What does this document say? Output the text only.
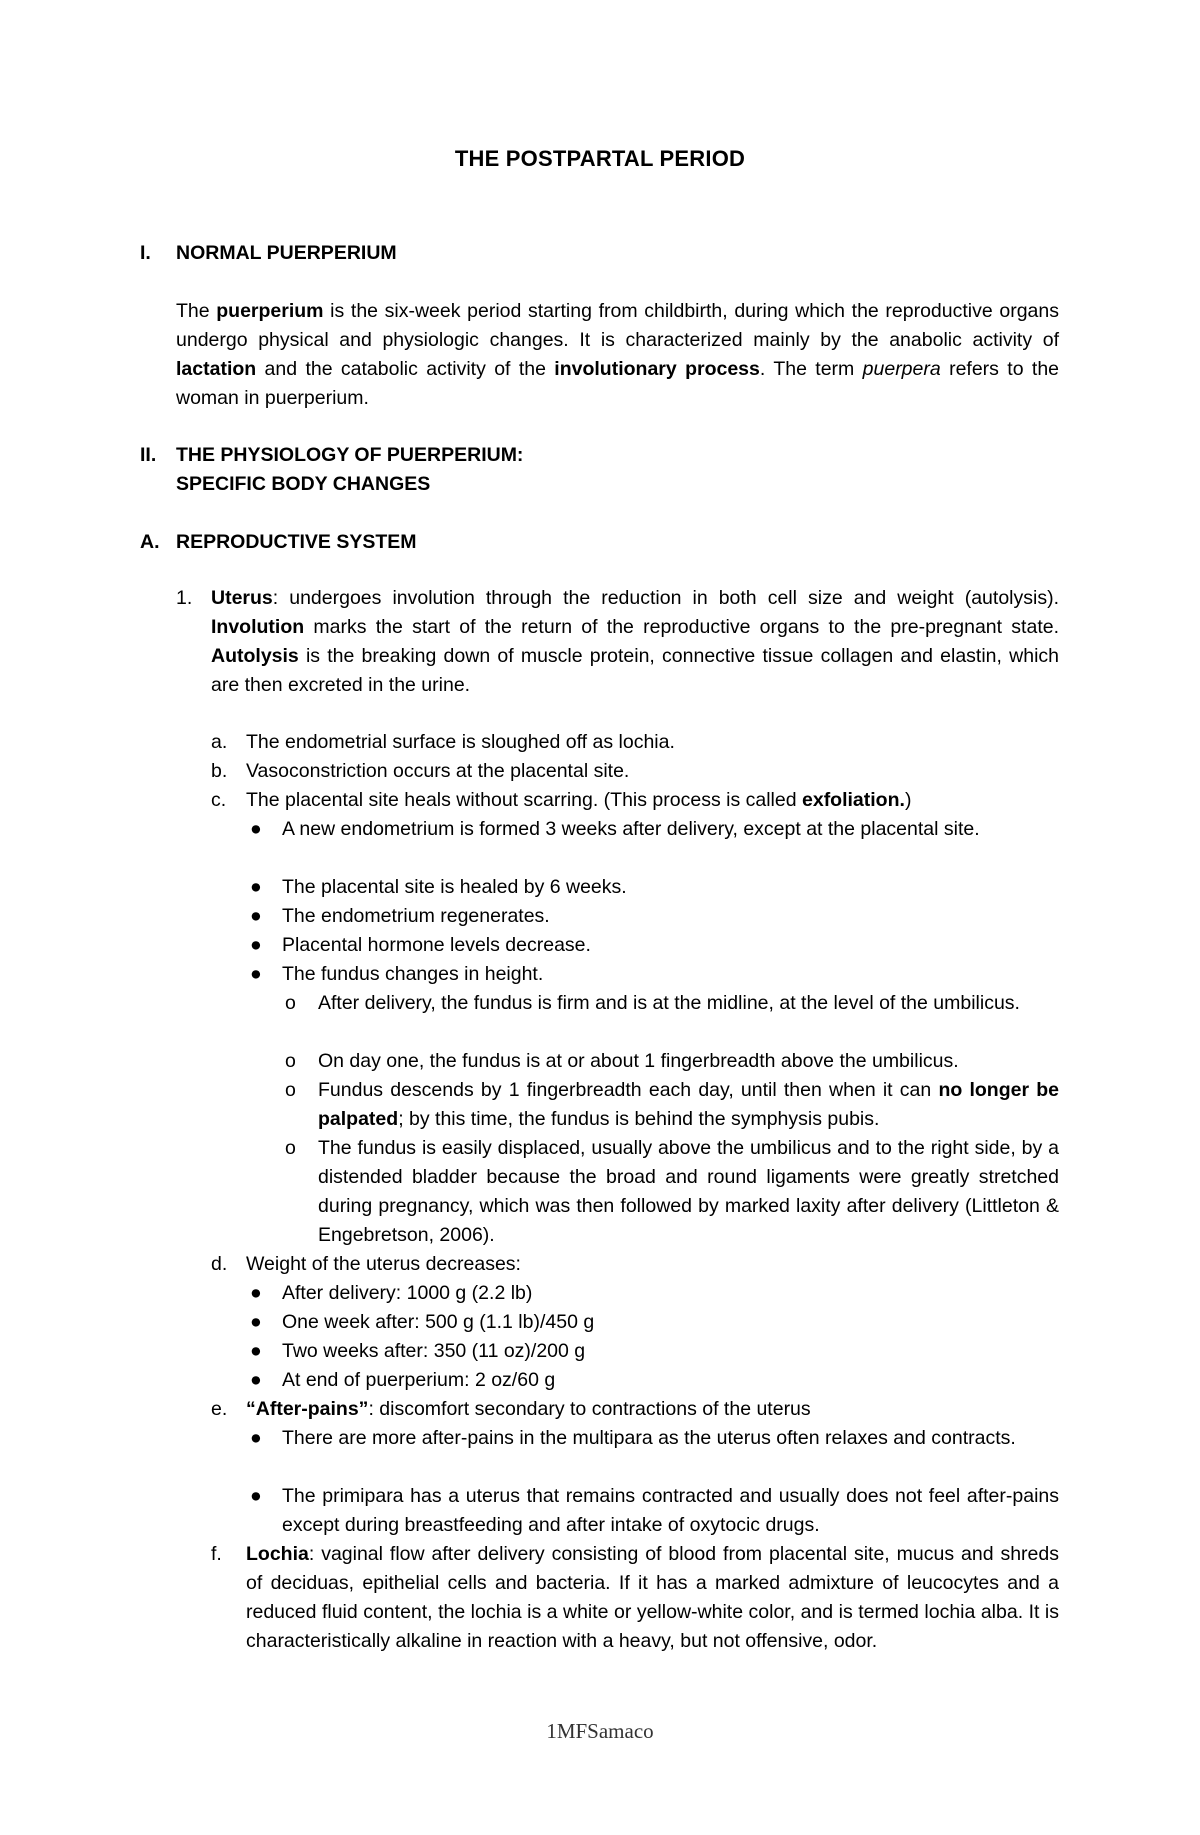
THE POSTPARTAL PERIOD
I. NORMAL PUERPERIUM

The puerperium is the six-week period starting from childbirth, during which the reproductive organs undergo physical and physiologic changes. It is characterized mainly by the anabolic activity of lactation and the catabolic activity of the involutionary process. The term puerpera refers to the woman in puerperium.

II. THE PHYSIOLOGY OF PUERPERIUM:
SPECIFIC BODY CHANGES
A. REPRODUCTIVE SYSTEM
1. Uterus: undergoes involution through the reduction in both cell size and weight (autolysis). Involution marks the start of the return of the reproductive organs to the pre-pregnant state. Autolysis is the breaking down of muscle protein, connective tissue collagen and elastin, which are then excreted in the urine.
a. The endometrial surface is sloughed off as lochia.
b. Vasoconstriction occurs at the placental site.
c. The placental site heals without scarring. (This process is called exfoliation.)
● A new endometrium is formed 3 weeks after delivery, except at the placental site.
● The placental site is healed by 6 weeks.
● The endometrium regenerates.
● Placental hormone levels decrease.
● The fundus changes in height.
o After delivery, the fundus is firm and is at the midline, at the level of the umbilicus.
o On day one, the fundus is at or about 1 fingerbreadth above the umbilicus.
o Fundus descends by 1 fingerbreadth each day, until then when it can no longer be palpated; by this time, the fundus is behind the symphysis pubis.
o The fundus is easily displaced, usually above the umbilicus and to the right side, by a distended bladder because the broad and round ligaments were greatly stretched during pregnancy, which was then followed by marked laxity after delivery (Littleton & Engebretson, 2006).
d. Weight of the uterus decreases:
● After delivery: 1000 g (2.2 lb)
● One week after: 500 g (1.1 lb)/450 g
● Two weeks after: 350 (11 oz)/200 g
● At end of puerperium: 2 oz/60 g
e. “After-pains”: discomfort secondary to contractions of the uterus
● There are more after-pains in the multipara as the uterus often relaxes and contracts.
● The primipara has a uterus that remains contracted and usually does not feel after-pains except during breastfeeding and after intake of oxytocic drugs.
f. Lochia: vaginal flow after delivery consisting of blood from placental site, mucus and shreds of deciduas, epithelial cells and bacteria. If it has a marked admixture of leucocytes and a reduced fluid content, the lochia is a white or yellow-white color, and is termed lochia alba. It is characteristically alkaline in reaction with a heavy, but not offensive, odor.
1MFSamaco
